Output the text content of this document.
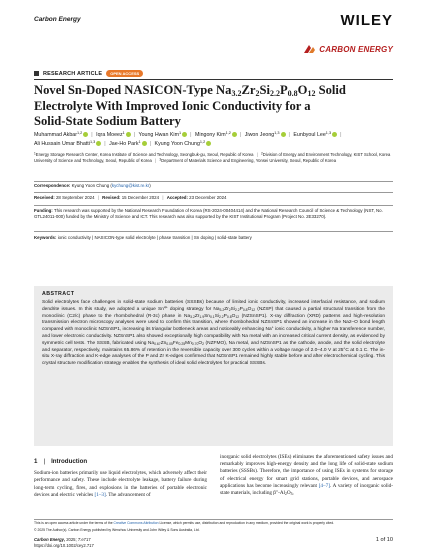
Carbon Energy	WILEY
CARBON ENERGY
RESEARCH ARTICLE	OPEN ACCESS
Novel Sn-Doped NASICON-Type $Na_{3.2}Zr_2Si_{2.2}P_{0.8}O_{12}$ Solid
Electrolyte With Improved Ionic Conductivity for a
Solid-State Sodium Battery
Muhammad Akbar$^{1,2}$ | Iqra Moeez$^1$ | Young Hwan Kim$^1$ | Mingony Kim$^{1,2}$ | Jiwon Jeong$^{1,3}$ | Eunbyoul Lee$^{1,3}$ |
Ali Hussain Umar Bhatti$^{1,3}$ | Jae-Ho Park$^1$ | Kyung Yoon Chung$^{1,2}$
$^1$Energy Storage Research Center, Korea Institute of Science and Technology, Seongbuk-gu, Seoul, Republic of Korea | $^2$Division of Energy and Environment Technology, KIST School, Korea University of Science and Technology, Seoul, Republic of Korea | $^3$Department of Materials Science and Engineering, Yonsei University, Seoul, Republic of Korea
Correspondence: Kyung Yoon Chung (kychung@kist.re.kr)
Received: 28 September 2024 | Revised: 15 December 2024 | Accepted: 23 December 2024
Funding: This research was supported by the National Research Foundation of Korea (RS-2024-00404414) and the National Research Council of Science & Technology (NST, No. GTL24011-000) funded by the Ministry of Science and ICT. This research was also supported by the KIST Institutional Program (Project No. 2E33270).
Keywords: ionic conductivity | NASICON-type solid electrolyte | phase transition | Sn doping | solid-state battery
ABSTRACT
Solid electrolytes face challenges in solid-state sodium batteries (SSSBs) because of limited ionic conductivity, increased interfacial resistance, and sodium dendrite issues. In this study, we adopted a unique $Sn^{4+}$ doping strategy for $Na_{3.2}Zr_2Si_{2.2}P_{0.8}O_{12}$ (NZSP) that caused a partial structural transition from the monoclinic (C2/c) phase to the rhombohedral (R-3c) phase in $Na_{3.2}Zr_{1.9}Sn_{0.1}Si_{2.2}P_{0.8}O_{12}$ (NZSnSP1). X-ray diffraction (XRD) patterns and high-resolution transmission electron microscopy analyses were used to confirm this transition, where rhombohedral NZSnSP1 showed an increase in the Na2–O bond length compared with monoclinic NZSnSP1, increasing its triangular bottleneck areas and noticeably enhancing Na+ ionic conductivity, a higher Na transference number, and lower electronic conductivity. NZSnSP1 also showed exceptionally high compatibility with Na metal with an increased critical current density, as evidenced by symmetric cell tests. The SSSB, fabricated using $Na_{0.67}Zn_{0.05}Fe_{0.25}Mn_{0.70}O_2$ (NZFMO), Na metal, and NZSnSP1 as the cathode, anode, and the solid electrolyte and separator, respectively, maintains 65.86% of retention in the reversible capacity over 300 cycles within a voltage range of 2.0–4.0 V at 25°C at 0.1 C. The in-situ X-ray diffraction and K-edge analyses of the P and Zr K-edges confirmed that NZSnSP1 remained highly stable before and after electrochemical cycling. This crystal structure modification strategy enables the synthesis of ideal solid electrolytes for practical SSSBs.
1 | Introduction
Sodium-ion batteries primarily use liquid electrolytes, which adversely affect their performance and safety. These include electrolyte leakage, battery failure during long-term cycling, fires, and explosions in the batteries of portable electronic devices and electric vehicles [1–3]. The advancement of
inorganic solid electrolytes (ISEs) eliminates the aforementioned safety issues and remarkably improves high-energy density and the long life of solid-state sodium batteries (SSSBs). Therefore, the importance of using ISEs in systems for storage of electrical energy for smart grid stations, portable devices, and aerospace applications has become increasingly relevant [4–7]. A variety of inorganic solid-state materials, including $\beta''-Al_2O_3$,
This is an open access article under the terms of the Creative Commons Attribution License, which permits use, distribution and reproduction in any medium, provided the original work is properly cited.
© 2025 The Author(s). Carbon Energy published by Wenzhou University and John Wiley & Sons Australia, Ltd.
Carbon Energy, 2025; 7:e717
https://doi.org/10.1002/cey2.717
1 of 10
